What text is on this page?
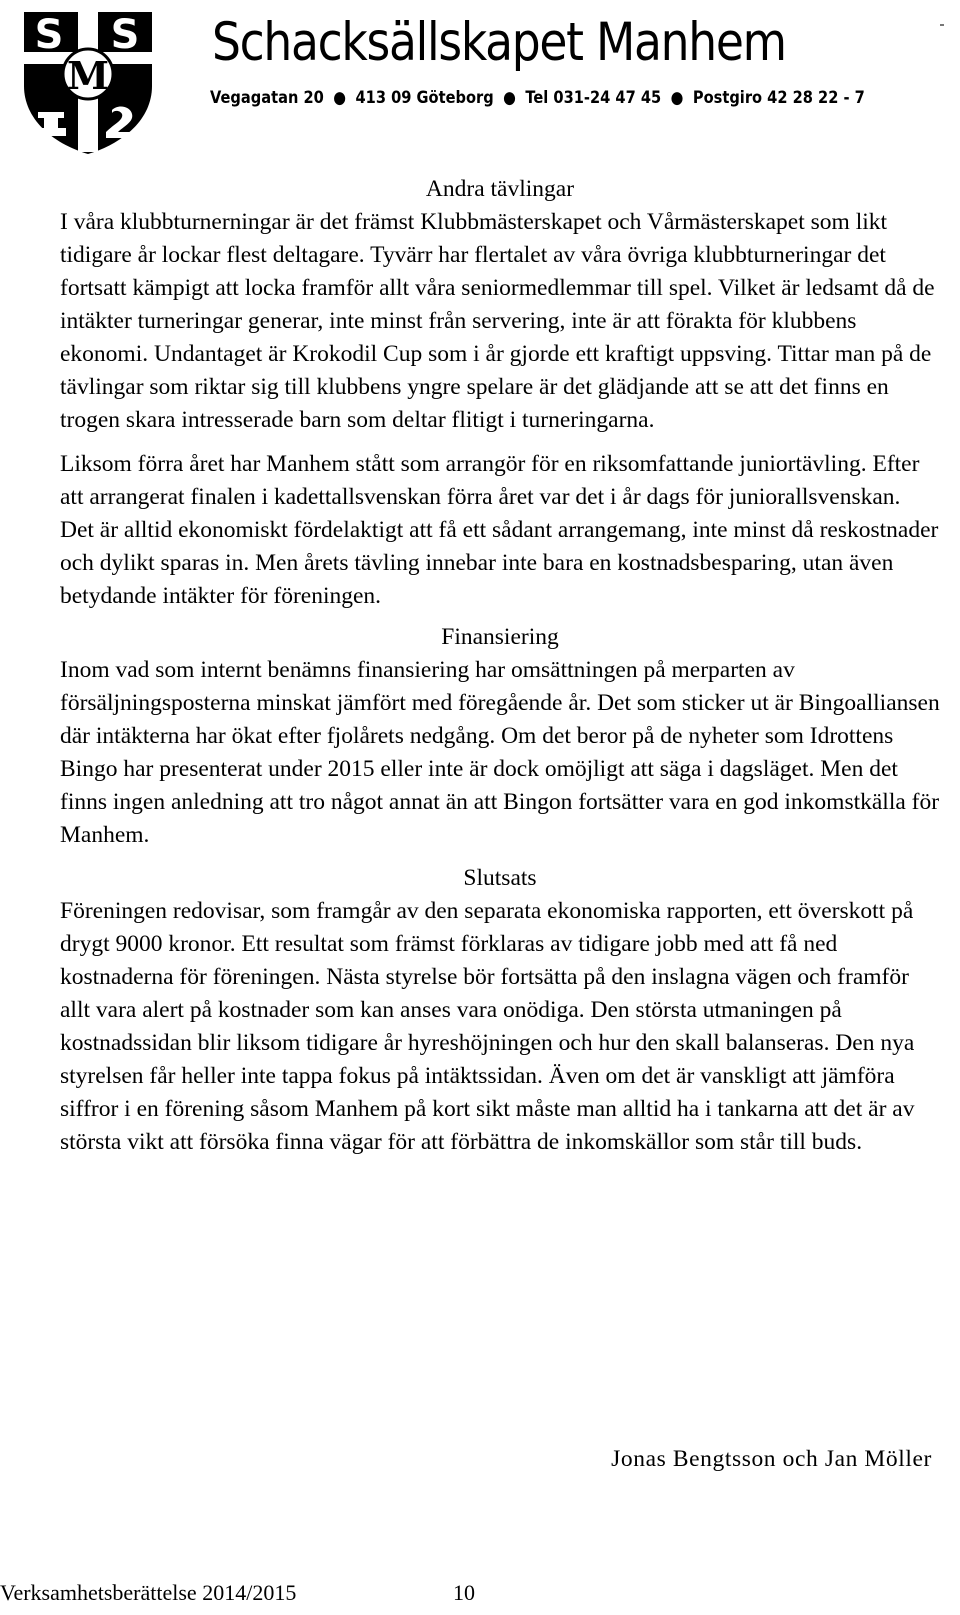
S S
M
Schacksällskapet Manhem
Vegagatan 20 ● 413 09 Göteborg ● Tel 031-24 47 45 ● Postgiro 42 28 22 - 7
Andra tävlingar

I våra klubbturnerningar är det främst Klubbmästerskapet och Vårmästerskapet som likt tidigare år lockar flest deltagare. Tyvärr har flertalet av våra övriga klubbturneringar det fortsatt kämpigt att locka framför allt våra seniormedlemmar till spel. Vilket är ledsamt då de intäkter turneringar generar, inte minst från servering, inte är att förakta för klubbens ekonomi. Undantaget är Krokodil Cup som i år gjorde ett kraftigt uppsving. Tittar man på de tävlingar som riktar sig till klubbens yngre spelare är det glädjande att se att det finns en trogen skara intresserade barn som deltar flitigt i turneringarna.

Liksom förra året har Manhem stått som arrangör för en riksomfattande juniortävling. Efter att arrangerat finalen i kadettallsvenskan förra året var det i år dags för juniorallsvenskan. Det är alltid ekonomiskt fördelaktigt att få ett sådant arrangemang, inte minst då reskostnader och dylikt sparas in. Men årets tävling innebar inte bara en kostnadsbesparing, utan även betydande intäkter för föreningen.

Finansiering

Inom vad som internt benämns finansiering har omsättningen på merparten av försäljningsposterna minskat jämfört med föregående år. Det som sticker ut är Bingoalliansen där intäkterna har ökat efter fjolårets nedgång. Om det beror på de nyheter som Idrottens Bingo har presenterat under 2015 eller inte är dock omöjligt att säga i dagsläget. Men det finns ingen anledning att tro något annat än att Bingon fortsätter vara en god inkomstkälla för Manhem.

Slutsats

Föreningen redovisar, som framgår av den separata ekonomiska rapporten, ett överskott på drygt 9000 kronor. Ett resultat som främst förklaras av tidigare jobb med att få ned kostnaderna för föreningen. Nästa styrelse bör fortsätta på den inslagna vägen och framför allt vara alert på kostnader som kan anses vara onödiga. Den största utmaningen på kostnadssidan blir liksom tidigare år hyreshöjningen och hur den skall balanseras. Den nya styrelsen får heller inte tappa fokus på intäktssidan. Även om det är vanskligt att jämföra siffror i en förening såsom Manhem på kort sikt måste man alltid ha i tankarna att det är av största vikt att försöka finna vägar för att förbättra de inkomskällor som står till buds.

Jonas Bengtsson och Jan Möller
Verksamhetsberättelse 2014/2015	10
